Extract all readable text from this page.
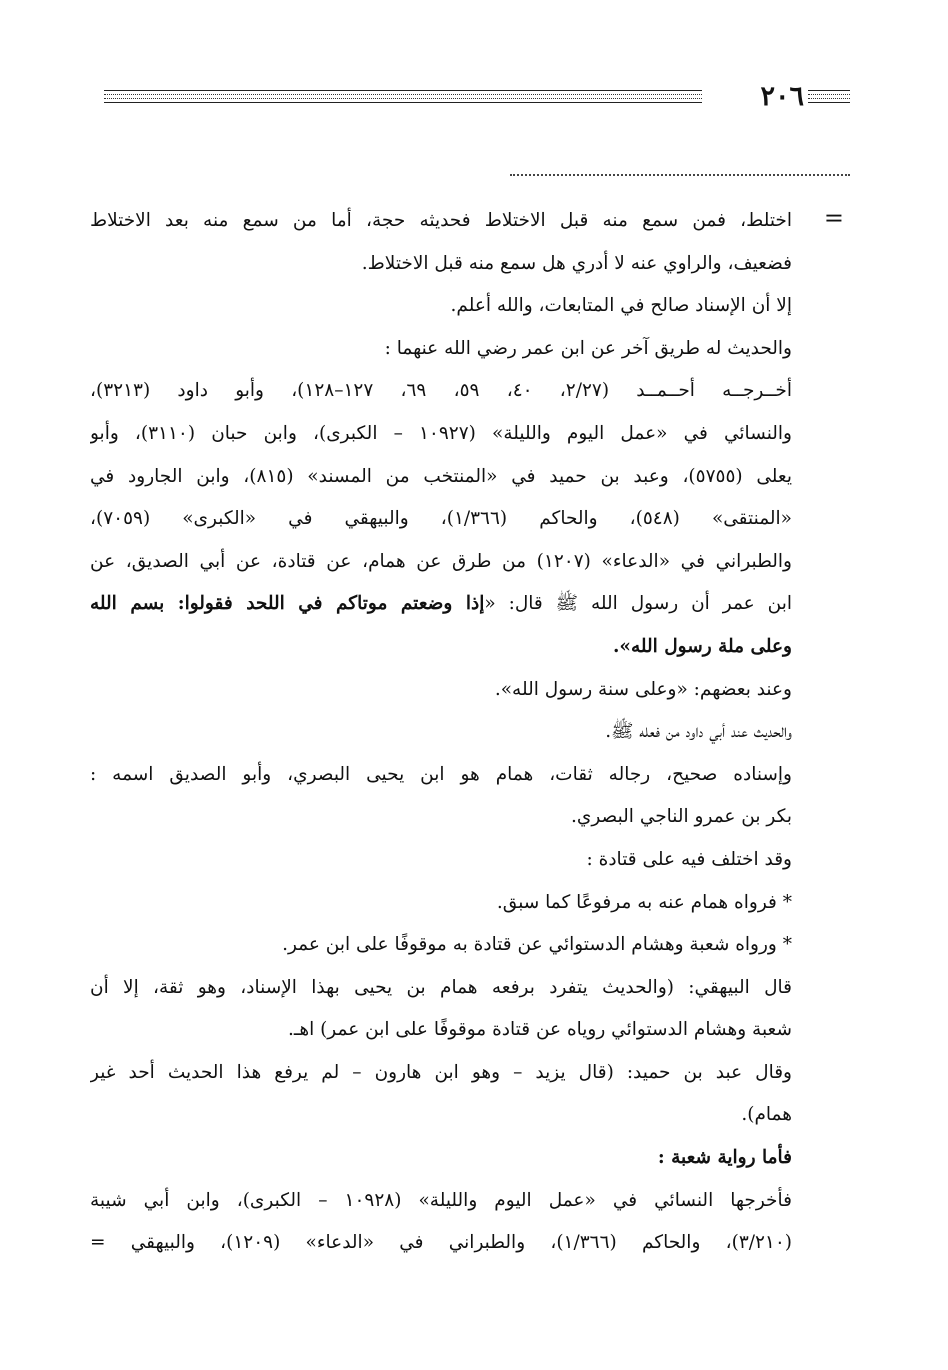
٢٠٦
=
اختلط، فمن سمع منه قبل الاختلاط فحديثه حجة، أما من سمع منه بعد الاختلاط
فضعيف، والراوي عنه لا أدري هل سمع منه قبل الاختلاط.
إلا أن الإسناد صالح في المتابعات، والله أعلم.
والحديث له طريق آخر عن ابن عمر رضي الله عنهما :
أخــرجــه أحــمــد (٢/٢٧، ٤٠، ٥٩، ٦٩، ١٢٧–١٢٨)، وأبو داود (٣٢١٣)،
والنسائي في «عمل اليوم والليلة» (١٠٩٢٧ – الكبرى)، وابن حبان (٣١١٠)، وأبو
يعلى (٥٧٥٥)، وعبد بن حميد في «المنتخب من المسند» (٨١٥)، وابن الجارود في
«المنتقى» (٥٤٨)، والحاكم (١/٣٦٦)، والبيهقي في «الكبرى» (٧٠٥٩)،
والطبراني في «الدعاء» (١٢٠٧) من طرق عن همام، عن قتادة، عن أبي الصديق، عن
ابن عمر أن رسول الله ﷺ قال: «إذا وضعتم موتاكم في اللحد فقولوا: بسم الله
وعلى ملة رسول الله».
وعند بعضهم: «وعلى سنة رسول الله».
والحديث عند أبي داود من فعله ﷺ.
وإسناده صحيح، رجاله ثقات، همام هو ابن يحيى البصري، وأبو الصديق اسمه :
بكر بن عمرو الناجي البصري.
وقد اختلف فيه على قتادة :
* فرواه همام عنه به مرفوعًا كما سبق.
* ورواه شعبة وهشام الدستوائي عن قتادة به موقوفًا على ابن عمر.
قال البيهقي: (والحديث يتفرد برفعه همام بن يحيى بهذا الإسناد، وهو ثقة، إلا أن
شعبة وهشام الدستوائي روياه عن قتادة موقوفًا على ابن عمر) اهـ.
وقال عبد بن حميد: (قال يزيد – وهو ابن هارون – لم يرفع هذا الحديث أحد غير
همام).
فأما رواية شعبة :
فأخرجها النسائي في «عمل اليوم والليلة» (١٠٩٢٨ – الكبرى)، وابن أبي شيبة
(٣/٢١٠)، والحاكم (١/٣٦٦)، والطبراني في «الدعاء» (١٢٠٩)، والبيهقي =
